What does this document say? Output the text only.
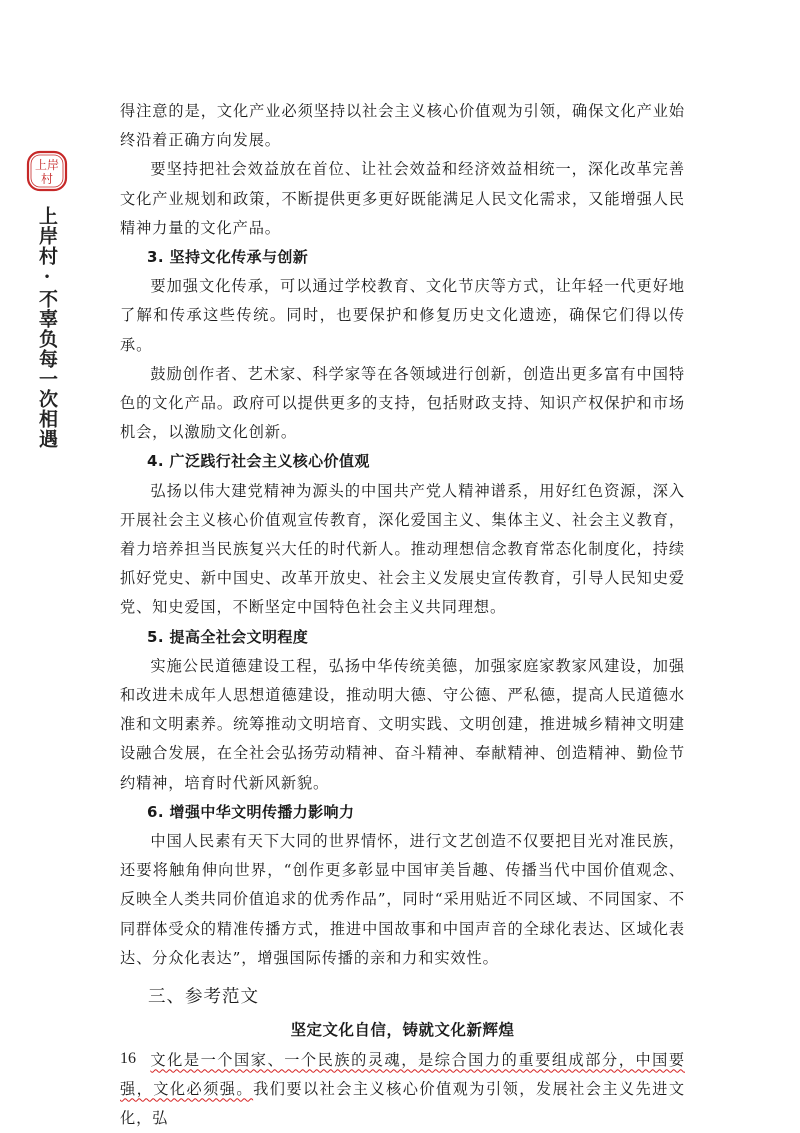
上岸
村
上岸村·不辜负每一次相遇

得注意的是，文化产业必须坚持以社会主义核心价值观为引领，确保文化产业始终沿着正确方向发展。

要坚持把社会效益放在首位、让社会效益和经济效益相统一，深化改革完善文化产业规划和政策，不断提供更多更好既能满足人民文化需求，又能增强人民精神力量的文化产品。

3. 坚持文化传承与创新

要加强文化传承，可以通过学校教育、文化节庆等方式，让年轻一代更好地了解和传承这些传统。同时，也要保护和修复历史文化遗迹，确保它们得以传承。

鼓励创作者、艺术家、科学家等在各领域进行创新，创造出更多富有中国特色的文化产品。政府可以提供更多的支持，包括财政支持、知识产权保护和市场机会，以激励文化创新。

4. 广泛践行社会主义核心价值观

弘扬以伟大建党精神为源头的中国共产党人精神谱系，用好红色资源，深入开展社会主义核心价值观宣传教育，深化爱国主义、集体主义、社会主义教育，着力培养担当民族复兴大任的时代新人。推动理想信念教育常态化制度化，持续抓好党史、新中国史、改革开放史、社会主义发展史宣传教育，引导人民知史爱党、知史爱国，不断坚定中国特色社会主义共同理想。

5. 提高全社会文明程度

实施公民道德建设工程，弘扬中华传统美德，加强家庭家教家风建设，加强和改进未成年人思想道德建设，推动明大德、守公德、严私德，提高人民道德水准和文明素养。统筹推动文明培育、文明实践、文明创建，推进城乡精神文明建设融合发展，在全社会弘扬劳动精神、奋斗精神、奉献精神、创造精神、勤俭节约精神，培育时代新风新貌。

6. 增强中华文明传播力影响力

中国人民素有天下大同的世界情怀，进行文艺创造不仅要把目光对准民族，还要将触角伸向世界，“创作更多彰显中国审美旨趣、传播当代中国价值观念、反映全人类共同价值追求的优秀作品”，同时“采用贴近不同区域、不同国家、不同群体受众的精准传播方式，推进中国故事和中国声音的全球化表达、区域化表达、分众化表达”，增强国际传播的亲和力和实效性。

三、参考范文

坚定文化自信，铸就文化新辉煌

文化是一个国家、一个民族的灵魂，是综合国力的重要组成部分，中国要强，文化必须强。我们要以社会主义核心价值观为引领，发展社会主义先进文化，弘

16
